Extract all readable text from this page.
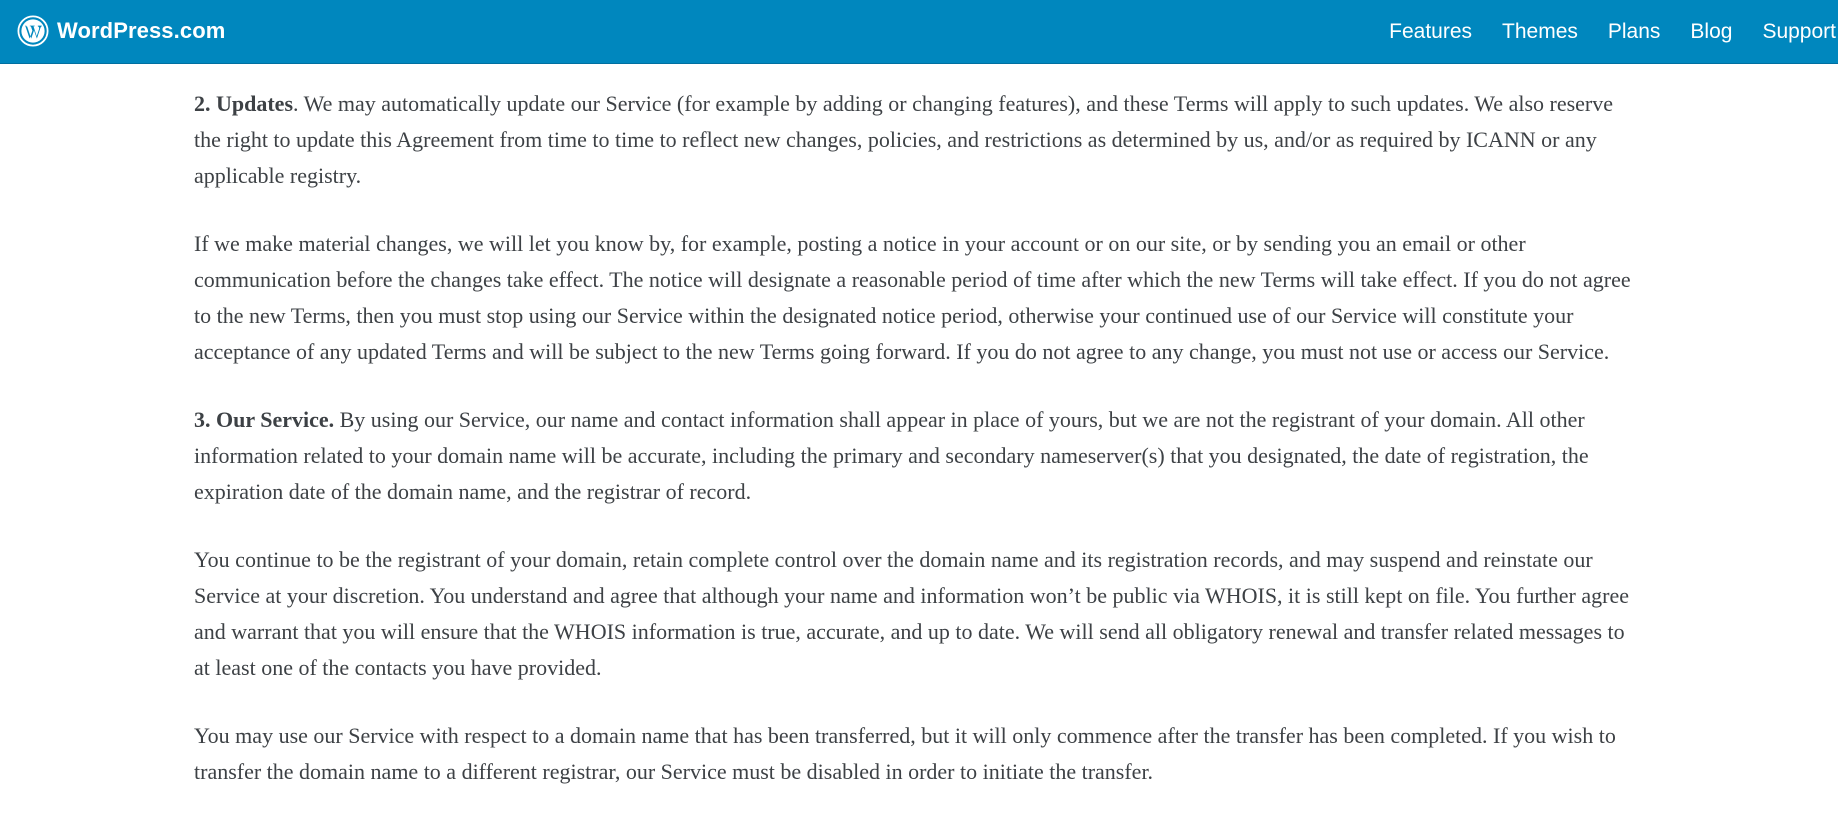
WordPress.com	Features Themes Plans Blog Support

2. Updates. We may automatically update our Service (for example by adding or changing features), and these Terms will apply to such updates. We also reserve the right to update this Agreement from time to time to reflect new changes, policies, and restrictions as determined by us, and/or as required by ICANN or any applicable registry.

If we make material changes, we will let you know by, for example, posting a notice in your account or on our site, or by sending you an email or other communication before the changes take effect. The notice will designate a reasonable period of time after which the new Terms will take effect. If you do not agree to the new Terms, then you must stop using our Service within the designated notice period, otherwise your continued use of our Service will constitute your acceptance of any updated Terms and will be subject to the new Terms going forward. If you do not agree to any change, you must not use or access our Service.

3. Our Service. By using our Service, our name and contact information shall appear in place of yours, but we are not the registrant of your domain. All other information related to your domain name will be accurate, including the primary and secondary nameserver(s) that you designated, the date of registration, the expiration date of the domain name, and the registrar of record.

You continue to be the registrant of your domain, retain complete control over the domain name and its registration records, and may suspend and reinstate our Service at your discretion. You understand and agree that although your name and information won’t be public via WHOIS, it is still kept on file. You further agree and warrant that you will ensure that the WHOIS information is true, accurate, and up to date. We will send all obligatory renewal and transfer related messages to at least one of the contacts you have provided.

You may use our Service with respect to a domain name that has been transferred, but it will only commence after the transfer has been completed. If you wish to transfer the domain name to a different registrar, our Service must be disabled in order to initiate the transfer.
